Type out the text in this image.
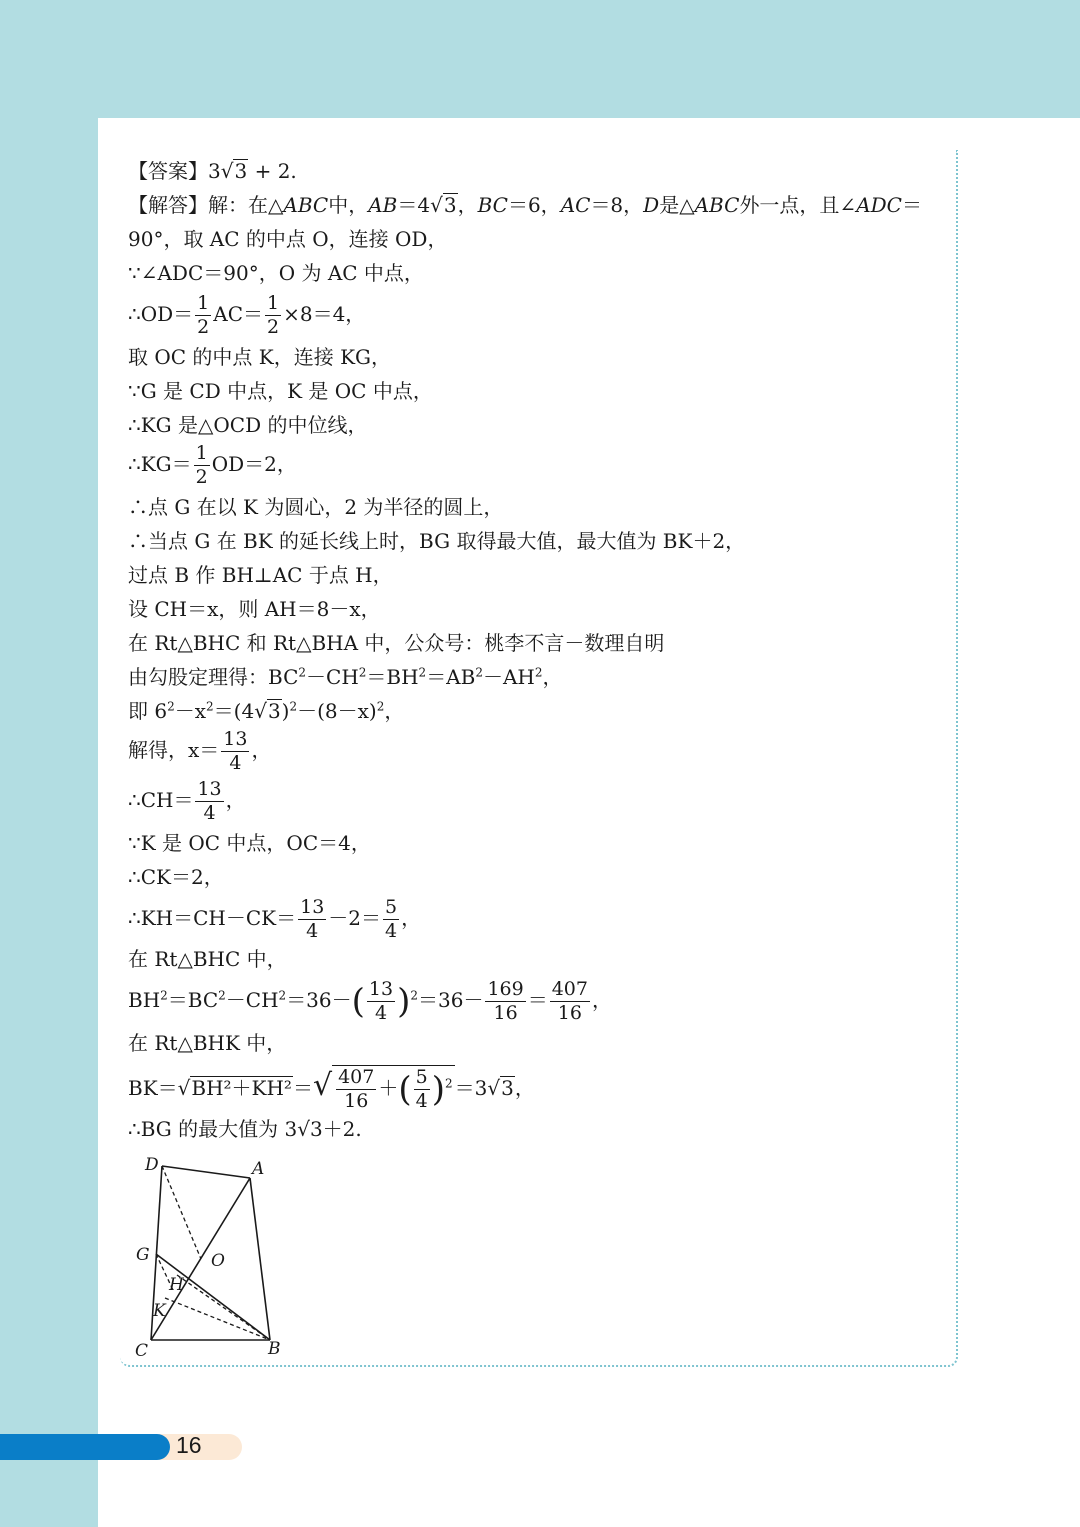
【答案】3√3 + 2.
【解答】解：在△ABC中，AB＝4√3，BC＝6，AC＝8，D是△ABC外一点，且∠ADC＝
90°，取 AC 的中点 O，连接 OD，
∵∠ADC＝90°，O 为 AC 中点，
∴OD＝ $\frac{1}{2} AC= \frac{1}{2} \times 8=4$，
取 OC 的中点 K，连接 KG，
∵G 是 CD 中点，K 是 OC 中点，
∴KG 是△OCD 的中位线，
∴KG＝ $\frac{1}{2} OD=2$，
∴点 G 在以 K 为圆心，2 为半径的圆上，
∴当点 G 在 BK 的延长线上时，BG 取得最大值，最大值为 BK＋2，
过点 B 作 BH⊥AC 于点 H，
设 CH＝x，则 AH＝8－x，
在 Rt△BHC 和 Rt△BHA 中，公众号：桃李不言－数理自明
由勾股定理得：$BC^2-CH^2=BH^2=AB^2-AH^2$，
即 $6^2-x^2=(4√3)^2-(8-x)^2$，
解得，$x= \frac{13}{4}$ ，
∴CH＝ $\frac{13}{4}$ ，
∵K 是 OC 中点，OC＝4，
∴CK＝2，
∴KH＝CH－CK＝ $\frac{13}{4} -2= \frac{5}{4}$ ，
在 Rt△BHC 中，
$BH^2=BC^2-CH^2=36-( \frac{13}{4} )^2=36- \frac{169}{16} = \frac{407}{16}$ ，
在 Rt△BHK 中，
$BK=√BH^2+KH^2=√ \frac{407}{16}$ ＋( $\frac{5}{4} )^2 =3√3$，
∴BG 的最大值为 3√3＋2.
D	A
G	O
H
K
C	B
16
